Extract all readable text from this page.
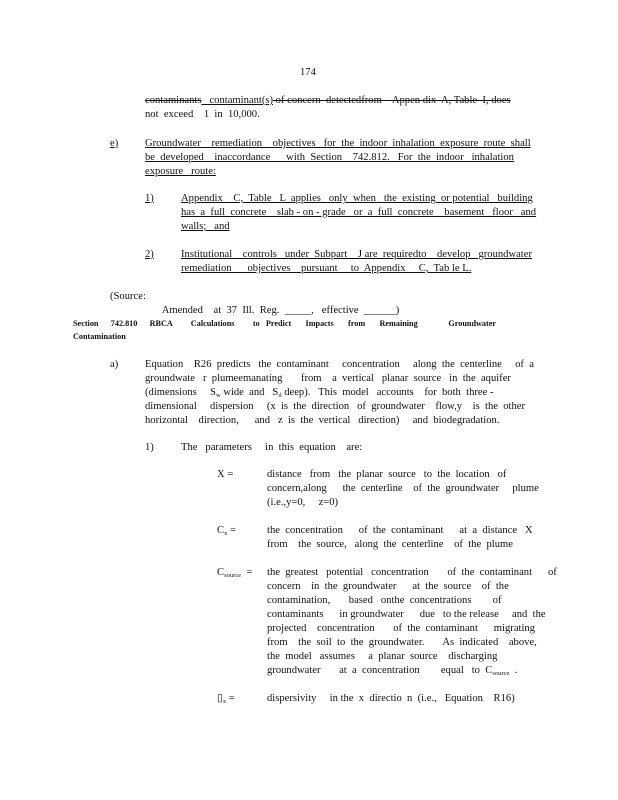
174
contaminants contaminant(s) of concern  detectedfrom    Appen dix  A, Table  I, does
not  exceed    1  in  10,000.
e)	Groundwater    remediation    objectives   for  the  indoor  inhalation  exposure  route  shall
be  developed    inaccordance      with  Section    742.812.   For  the  indoor   inhalation
exposure   route:
1)	Appendix    C,  Table   L  applies   only  when   the  existing  or potential   building
has  a  full  concrete    slab - on - grade   or  a  full  concrete    basement   floor   and
walls;   and
2)	Institutional    controls   under  Subpart    J are  requiredto    develop   groundwater
remediation      objectives    pursuant     to  Appendix     C,  Tab le L.
(Source:

Amended    at  37  Ill.  Reg. _____,   effective ______)

Section      742.810      RBCA         Calculations         to   Predict       Impacts       from       Remaining               Groundwater
Contamination
a)	Equation    R26  predicts   the  contaminant     concentration     along  the  centerline     of  a
groundwate   r  plumeemanating       from    a  vertical   planar  source   in  the  aquifer
(dimensions     $S_w$ wide  and   $S_d$ deep).   This  model   accounts    for  both  three -
dimensional     dispersion     (x  is  the  direction   of  groundwater    flow,y    is  the  other
horizontal    direction,      and   z  is  the  vertical   direction)     and  biodegradation.
1)	The   parameters     in  this  equation    are:
X =	distance   from   the  planar  source   to  the  location   of
concern,along      the  centerline    of  the  groundwater     plume
(i.e.,y=0,     z=0)
$C_x$ =	the  concentration      of  the  contaminant      at  a  distance   X
from    the  source,   along  the  centerline    of  the  plume
$C_{source}$  = the  greatest   potential   concentration       of  the  contaminant      of
concern    in  the  groundwater      at  the  source    of  the
contamination,       based   onthe  concentrations        of
contaminants      in groundwater      due   to the release     and  the
projected    concentration       of  the  contaminant      migrating
from    the  soil  to  the  groundwater.       As  indicated    above,
the  model   assumes     a  planar  source    discharging
groundwater       at  a  concentration        equal   to  $C_{source}$  .
$▯_x$ =	dispersivity     in the  x  directio  n  (i.e.,   Equation    R16)
